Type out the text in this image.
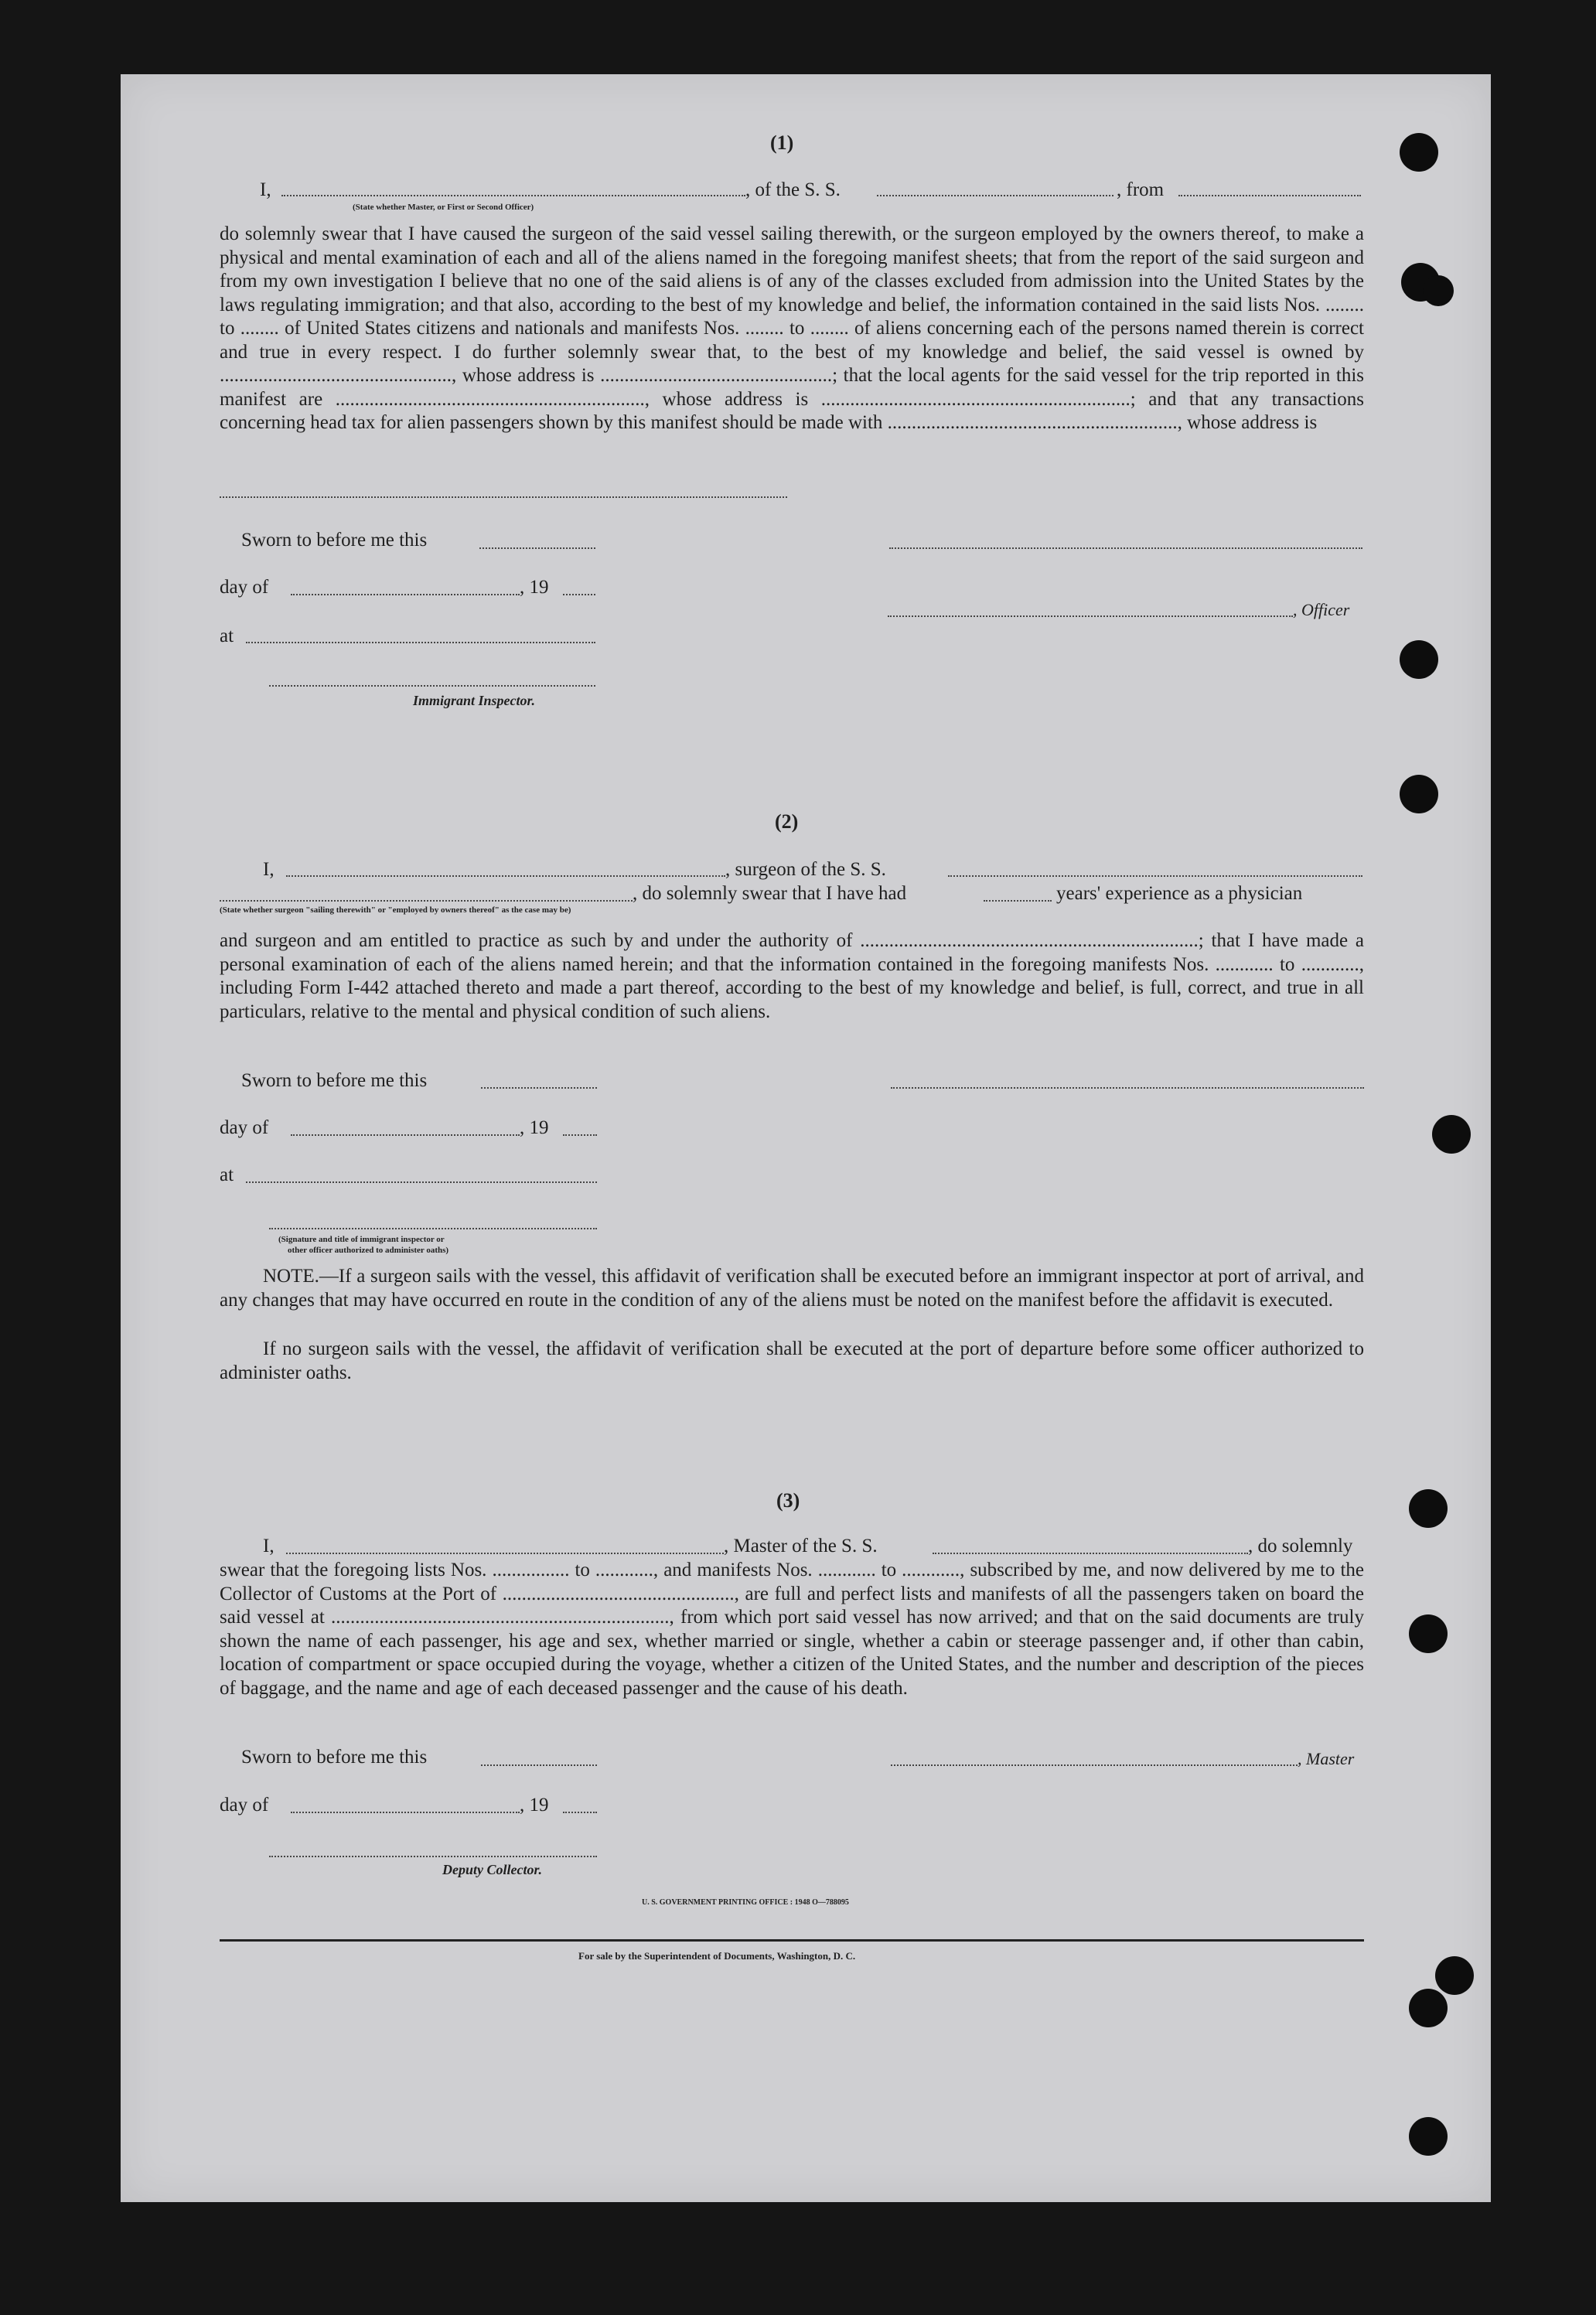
(1)
I,	, of the S. S.	, from
(State whether Master, or First or Second Officer)
do solemnly swear that I have caused the surgeon of the said vessel sailing therewith, or the surgeon employed by the owners thereof, to make a physical and mental examination of each and all of the aliens named in the foregoing manifest sheets; that from the report of the said surgeon and from my own investigation I believe that no one of the said aliens is of any of the classes excluded from admission into the United States by the laws regulating immigration; and that also, according to the best of my knowledge and belief, the information contained in the said lists Nos. ........ to ........ of United States citizens and nationals and manifests Nos. ........ to ........ of aliens concerning each of the persons named therein is correct and true in every respect. I do further solemnly swear that, to the best of my knowledge and belief, the said vessel is owned by ................................................, whose address is ................................................; that the local agents for the said vessel for the trip reported in this manifest are ................................................................, whose address is ................................................................; and that any transactions concerning head tax for alien passengers shown by this manifest should be made with ............................................................, whose address is
Sworn to before me this
day of	, 19
, Officer
at
Immigrant Inspector.
(2)
I,	, surgeon of the S. S.
, do solemnly swear that I have had	years' experience as a physician
(State whether surgeon "sailing therewith" or "employed by owners thereof" as the case may be)
and surgeon and am entitled to practice as such by and under the authority of ......................................................................; that I have made a personal examination of each of the aliens named herein; and that the information contained in the foregoing manifests Nos. ............ to ............, including Form I-442 attached thereto and made a part thereof, according to the best of my knowledge and belief, is full, correct, and true in all particulars, relative to the mental and physical condition of such aliens.
Sworn to before me this
day of	, 19
at
(Signature and title of immigrant inspector or
other officer authorized to administer oaths)
NOTE.—If a surgeon sails with the vessel, this affidavit of verification shall be executed before an immigrant inspector at port of arrival, and any changes that may have occurred en route in the condition of any of the aliens must be noted on the manifest before the affidavit is executed.
If no surgeon sails with the vessel, the affidavit of verification shall be executed at the port of departure before some officer authorized to administer oaths.
(3)
I,	, Master of the S. S.	, do solemnly
swear that the foregoing lists Nos. ................ to ............, and manifests Nos. ............ to ............, subscribed by me, and now delivered by me to the Collector of Customs at the Port of ................................................, are full and perfect lists and manifests of all the passengers taken on board the said vessel at ......................................................................, from which port said vessel has now arrived; and that on the said documents are truly shown the name of each passenger, his age and sex, whether married or single, whether a cabin or steerage passenger and, if other than cabin, location of compartment or space occupied during the voyage, whether a citizen of the United States, and the number and description of the pieces of baggage, and the name and age of each deceased passenger and the cause of his death.
Sworn to before me this	, Master
day of	, 19
Deputy Collector.
U. S. GOVERNMENT PRINTING OFFICE : 1948 O—788095
For sale by the Superintendent of Documents, Washington, D. C.
